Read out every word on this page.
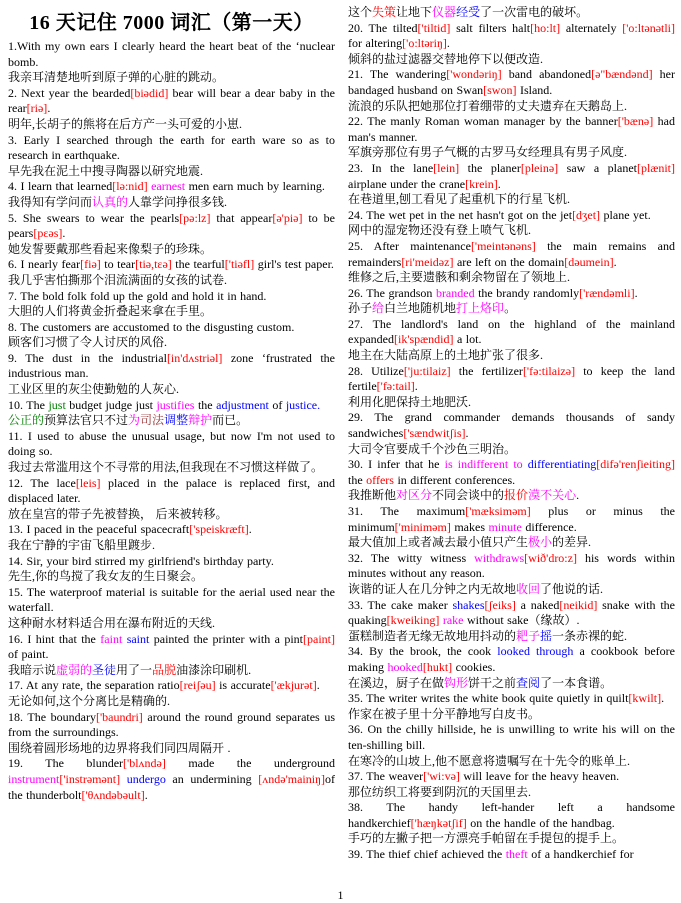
16 天记住 7000 词汇（第一天）

1.With my own ears I clearly heard the heart beat of the ‘nuclear bomb.

我亲耳清楚地听到原子弹的心脏的跳动。

2. Next year the bearded[biədid] bear will bear a dear baby in the rear[riə].

明年,长胡子的熊将在后方产一头可爱的小崽.

3. Early I searched through the earth for earth ware so as to research in earthquake.

早先我在泥土中搜寻陶器以研究地震.

4. I learn that learned[lə:nid] earnest men earn much by learning.

我得知有学问而认真的人靠学问挣很多钱.

5. She swears to wear the pearls[pə:lz] that appear[ə'piə] to be pears[pɛəs].

她发誓要戴那些看起来像梨子的珍珠。

6. I nearly fear[fiə] to tear[tiə,tɛə] the tearful['tiəfl] girl's test paper.

我几乎害怕撕那个泪流满面的女孩的试卷.

7. The bold folk fold up the gold and hold it in hand.

大胆的人们将黄金折叠起来拿在手里。

8. The customers are accustomed to the disgusting custom.

顾客们习惯了令人讨厌的风俗.

9. The dust in the industrial[in'dʌstriəl] zone ‘frustrated the industrious man.

工业区里的灰尘使勤勉的人灰心.

10. The just budget judge just justifies the adjustment of justice.

公正的预算法官只不过为司法调整辩护而已。

11. I used to abuse the unusual usage, but now I'm not used to doing so.

我过去常滥用这个不寻常的用法,但我现在不习惯这样做了。

12. The lace[leis] placed in the palace is replaced first, and displaced later.

放在皇宫的带子先被替换， 后来被转移。

13. I paced in the peaceful spacecraft['speiskræft].

我在宁静的宇宙飞船里踱步.

14. Sir, your bird stirred my girlfriend's birthday party.

先生,你的鸟搅了我女友的生日聚会。

15. The waterproof material is suitable for the aerial used near the waterfall.

这种耐水材料适合用在瀑布附近的天线.

16. I hint that the faint saint painted the printer with a pint[paint] of paint.

我暗示说虚弱的圣徒用了一品脱油漆涂印刷机.

17. At any rate, the separation ratio[reiʃəu] is accurate['ækjurət].

无论如何,这个分离比是精确的.

18. The boundary['baundri] around the round ground separates us from the surroundings.

围绕着圆形场地的边界将我们同四周隔开 .

19. The blunder['blʌndə] made the underground instrument['instrəmənt] undergo an undermining [ʌndə'mainiŋ]of the thunderbolt['θʌndəbəult].

这个失策让地下仪器经受了一次雷电的破坏。

20. The tilted['tiltid] salt filters halt[ho:lt] alternately ['o:ltənətli] for altering['o:ltəriŋ].

倾斜的盐过滤器交替地停下以便改造.

21. The wandering['wondəriŋ] band abandoned[ə"bændənd] her bandaged husband on Swan[swon] Island.

流浪的乐队把她那位打着绷带的丈夫遗弃在天鹅岛上.

22. The manly Roman woman manager by the banner['bænə] had man's manner.

军旗旁那位有男子气概的古罗马女经理具有男子风度.

23. In the lane[lein] the planer[pleinə] saw a planet[plænit] airplane under the crane[krein].

在巷道里,刨工看见了起重机下的行星飞机.

24. The wet pet in the net hasn't got on the jet[dʒet] plane yet.

网中的湿宠物还没有登上喷气飞机.

25. After maintenance['meintənəns] the main remains and remainders[ri'meidəz] are left on the domain[dəumein].

维修之后,主要遗骸和剩余物留在了领地上.

26. The grandson branded the brandy randomly['rændəmli].

孙子给白兰地随机地打上烙印。

27. The landlord's land on the highland of the mainland expanded[ik'spændid] a lot.

地主在大陆高原上的土地扩张了很多.

28. Utilize['ju:tilaiz] the fertilizer['fə:tilaizə] to keep the land fertile['fə:tail].

利用化肥保持土地肥沃.

29. The grand commander demands thousands of sandy sandwiches['sændwitʃis].

大司令官要成千个沙色三明治。

30. I infer that he is indifferent to differentiating[difə'renʃieiting] the offers in different conferences.

我推断他对区分不同会谈中的报价漠不关心.

31. The maximum['mæksiməm] plus or minus the minimum['miniməm] makes minute difference.

最大值加上或者减去最小值只产生极小的差异.

32. The witty witness withdraws[wið'dro:z] his words within minutes without any reason.

诙谐的证人在几分钟之内无故地收回了他说的话.

33. The cake maker shakes[ʃeiks] a naked[neikid] snake with the quaking[kweiking] rake without sake（缘故）.

蛋糕制造者无缘无故地用抖动的耙子摇一条赤裸的蛇.

34. By the brook, the cook looked through a cookbook before making hooked[hukt] cookies.

在溪边，厨子在做钩形饼干之前查阅了一本食谱。

35. The writer writes the white book quite quietly in quilt[kwilt].

作家在被子里十分平静地写白皮书。

36. On the chilly hillside, he is unwilling to write his will on the ten-shilling bill.

在寒冷的山坡上,他不愿意将遗嘱写在十先令的账单上.

37. The weaver['wi:və] will leave for the heavy heaven.

那位纺织工将要到阴沉的天国里去.

38. The handy left-hander left a handsome handkerchief['hæŋkətʃif] on the handle of the handbag.

手巧的左撇子把一方漂亮手帕留在手提包的提手上。

39. The thief chief achieved the theft of a handkerchief for

1
